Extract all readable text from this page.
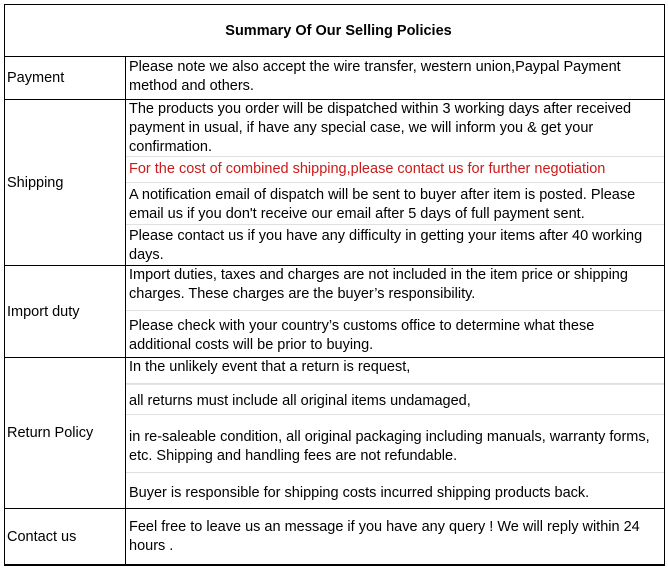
Summary Of Our Selling Policies
Payment
Please note we also accept the wire transfer, western union,Paypal Payment method and others.
Shipping
The products you order will be dispatched within 3 working days after received payment in usual, if have any special case, we will inform you & get your confirmation.
For the cost of combined shipping,please contact us for further negotiation
A notification email of dispatch will be sent to buyer after item is posted. Please email us if you don't receive our email after 5 days of full payment sent.
Please contact us if you have any difficulty in getting your items after 40 working days.
Import duty
Import duties, taxes and charges are not included in the item price or shipping charges. These charges are the buyer’s responsibility.
Please check with your country’s customs office to determine what these additional costs will be prior to buying.
Return Policy
In the unlikely event that a return is request,
all returns must include all original items undamaged,
in re-saleable condition, all original packaging including manuals, warranty forms, etc. Shipping and handling fees are not refundable.
Buyer is responsible for shipping costs incurred shipping products back.
Contact us
Feel free to leave us an message if you have any query ! We will reply within 24 hours .
